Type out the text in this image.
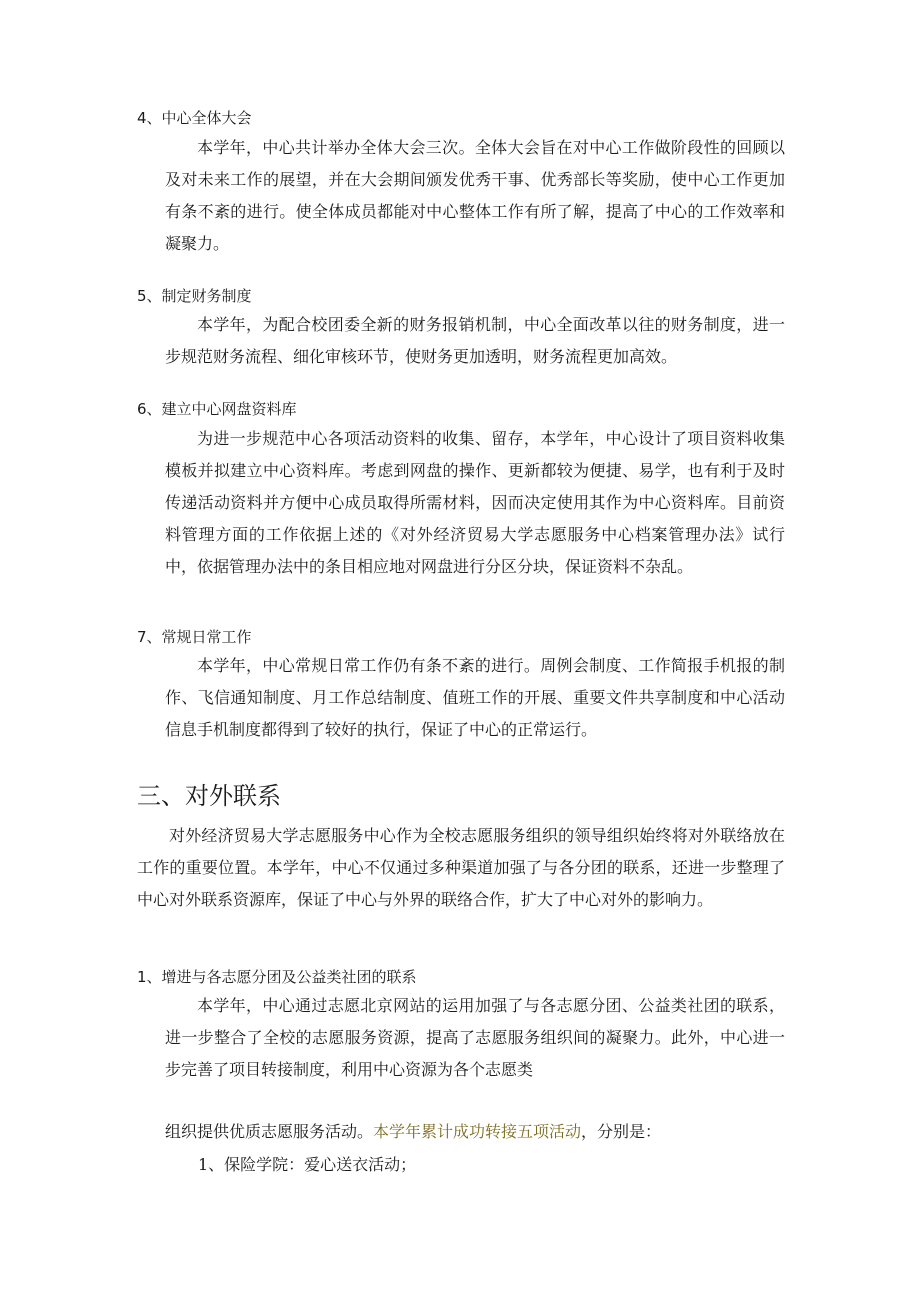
4、中心全体大会
本学年，中心共计举办全体大会三次。全体大会旨在对中心工作做阶段性的回顾以及对未来工作的展望，并在大会期间颁发优秀干事、优秀部长等奖励，使中心工作更加有条不紊的进行。使全体成员都能对中心整体工作有所了解，提高了中心的工作效率和凝聚力。
5、制定财务制度
本学年，为配合校团委全新的财务报销机制，中心全面改革以往的财务制度，进一步规范财务流程、细化审核环节，使财务更加透明，财务流程更加高效。
6、建立中心网盘资料库
为进一步规范中心各项活动资料的收集、留存，本学年，中心设计了项目资料收集模板并拟建立中心资料库。考虑到网盘的操作、更新都较为便捷、易学，也有利于及时传递活动资料并方便中心成员取得所需材料，因而决定使用其作为中心资料库。目前资料管理方面的工作依据上述的《对外经济贸易大学志愿服务中心档案管理办法》试行中，依据管理办法中的条目相应地对网盘进行分区分块，保证资料不杂乱。
7、常规日常工作
本学年，中心常规日常工作仍有条不紊的进行。周例会制度、工作简报手机报的制作、飞信通知制度、月工作总结制度、值班工作的开展、重要文件共享制度和中心活动信息手机制度都得到了较好的执行，保证了中心的正常运行。
三、对外联系
对外经济贸易大学志愿服务中心作为全校志愿服务组织的领导组织始终将对外联络放在工作的重要位置。本学年，中心不仅通过多种渠道加强了与各分团的联系，还进一步整理了中心对外联系资源库，保证了中心与外界的联络合作，扩大了中心对外的影响力。
1、增进与各志愿分团及公益类社团的联系
本学年，中心通过志愿北京网站的运用加强了与各志愿分团、公益类社团的联系，进一步整合了全校的志愿服务资源，提高了志愿服务组织间的凝聚力。此外，中心进一步完善了项目转接制度，利用中心资源为各个志愿类
组织提供优质志愿服务活动。本学年累计成功转接五项活动，分别是：
1、保险学院：爱心送衣活动；
